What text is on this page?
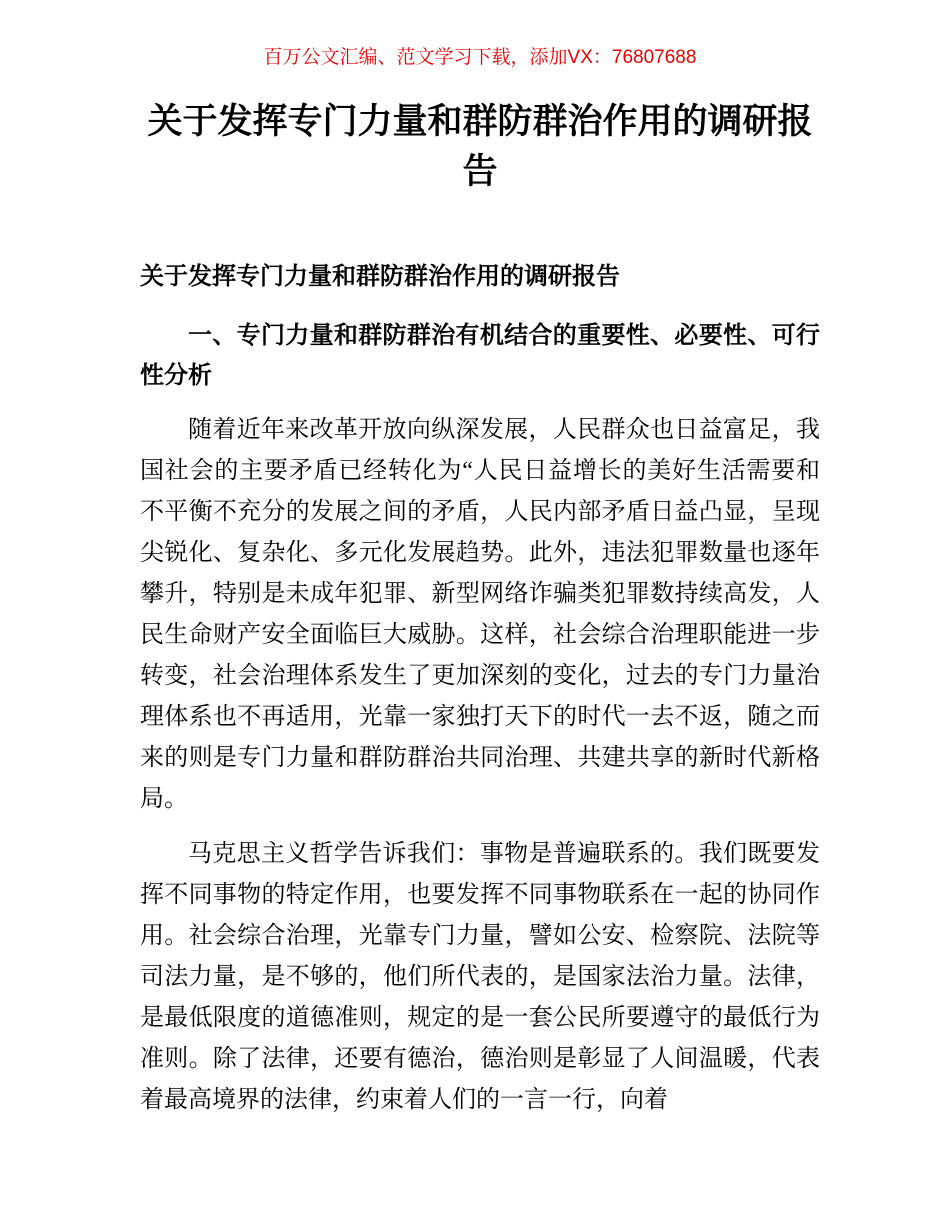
百万公文汇编、范文学习下载，添加VX：76807688
关于发挥专门力量和群防群治作用的调研报告
关于发挥专门力量和群防群治作用的调研报告
一、专门力量和群防群治有机结合的重要性、必要性、可行性分析

随着近年来改革开放向纵深发展，人民群众也日益富足，我国社会的主要矛盾已经转化为“人民日益增长的美好生活需要和不平衡不充分的发展之间的矛盾，人民内部矛盾日益凸显，呈现尖锐化、复杂化、多元化发展趋势。此外，违法犯罪数量也逐年攀升，特别是未成年犯罪、新型网络诈骗类犯罪数持续高发，人民生命财产安全面临巨大威胁。这样，社会综合治理职能进一步转变，社会治理体系发生了更加深刻的变化，过去的专门力量治理体系也不再适用，光靠一家独打天下的时代一去不返，随之而来的则是专门力量和群防群治共同治理、共建共享的新时代新格局。

马克思主义哲学告诉我们：事物是普遍联系的。我们既要发挥不同事物的特定作用，也要发挥不同事物联系在一起的协同作用。社会综合治理，光靠专门力量，譬如公安、检察院、法院等司法力量，是不够的，他们所代表的，是国家法治力量。法律，是最低限度的道德准则，规定的是一套公民所要遵守的最低行为准则。除了法律，还要有德治，德治则是彰显了人间温暖，代表着最高境界的法律，约束着人们的一言一行，向着
